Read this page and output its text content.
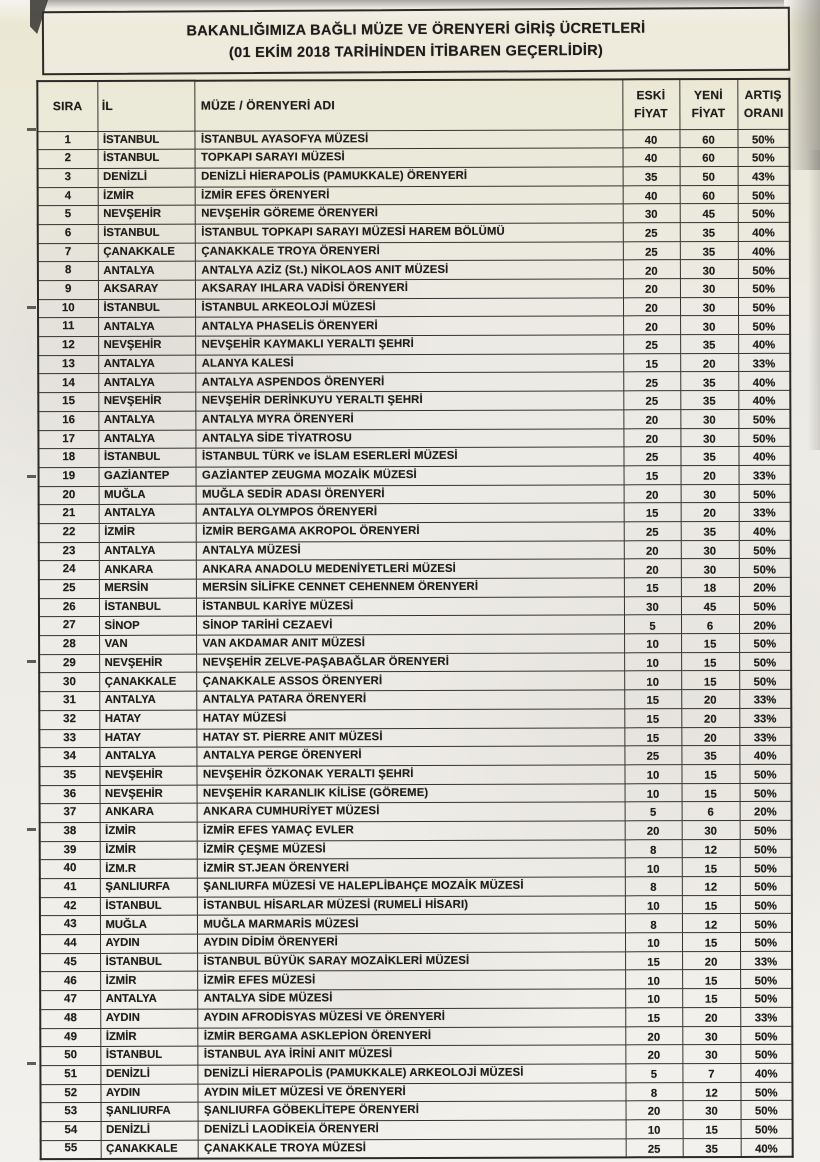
BAKANLIĞIMIZA BAĞLI MÜZE VE ÖRENYERİ GİRİŞ ÜCRETLERİ
(01 EKİM 2018 TARİHİNDEN İTİBAREN GEÇERLİDİR)
SIRA	İL	MÜZE / ÖRENYERİ ADI	ESKİ FİYAT	YENİ FİYAT	ARTIŞ ORANI
1	İSTANBUL	İSTANBUL AYASOFYA MÜZESİ	40	60	50%
2	İSTANBUL	TOPKAPI SARAYI MÜZESİ	40	60	50%
3	DENİZLİ	DENİZLİ HİERAPOLİS (PAMUKKALE) ÖRENYERİ	35	50	43%
4	İZMİR	İZMİR EFES ÖRENYERİ	40	60	50%
5	NEVŞEHİR	NEVŞEHİR GÖREME ÖRENYERİ	30	45	50%
6	İSTANBUL	İSTANBUL TOPKAPI SARAYI MÜZESİ HAREM BÖLÜMÜ	25	35	40%
7	ÇANAKKALE	ÇANAKKALE TROYA ÖRENYERİ	25	35	40%
8	ANTALYA	ANTALYA AZİZ (St.) NİKOLAOS ANIT MÜZESİ	20	30	50%
9	AKSARAY	AKSARAY IHLARA VADİSİ ÖRENYERİ	20	30	50%
10	İSTANBUL	İSTANBUL ARKEOLOJİ MÜZESİ	20	30	50%
11	ANTALYA	ANTALYA PHASELİS ÖRENYERİ	20	30	50%
12	NEVŞEHİR	NEVŞEHİR KAYMAKLI YERALTI ŞEHRİ	25	35	40%
13	ANTALYA	ALANYA KALESİ	15	20	33%
14	ANTALYA	ANTALYA ASPENDOS ÖRENYERİ	25	35	40%
15	NEVŞEHİR	NEVŞEHİR DERİNKUYU YERALTI ŞEHRİ	25	35	40%
16	ANTALYA	ANTALYA MYRA ÖRENYERİ	20	30	50%
17	ANTALYA	ANTALYA SİDE TİYATROSU	20	30	50%
18	İSTANBUL	İSTANBUL TÜRK ve İSLAM ESERLERİ MÜZESİ	25	35	40%
19	GAZİANTEP	GAZİANTEP ZEUGMA MOZAİK MÜZESİ	15	20	33%
20	MUĞLA	MUĞLA SEDİR ADASI ÖRENYERİ	20	30	50%
21	ANTALYA	ANTALYA OLYMPOS ÖRENYERİ	15	20	33%
22	İZMİR	İZMİR BERGAMA AKROPOL ÖRENYERİ	25	35	40%
23	ANTALYA	ANTALYA MÜZESİ	20	30	50%
24	ANKARA	ANKARA ANADOLU MEDENİYETLERİ MÜZESİ	20	30	50%
25	MERSİN	MERSİN SİLİFKE CENNET CEHENNEM ÖRENYERİ	15	18	20%
26	İSTANBUL	İSTANBUL KARİYE MÜZESİ	30	45	50%
27	SİNOP	SİNOP TARİHİ CEZAEVİ	5	6	20%
28	VAN	VAN AKDAMAR ANIT MÜZESİ	10	15	50%
29	NEVŞEHİR	NEVŞEHİR ZELVE-PAŞABAĞLAR ÖRENYERİ	10	15	50%
30	ÇANAKKALE	ÇANAKKALE ASSOS ÖRENYERİ	10	15	50%
31	ANTALYA	ANTALYA PATARA ÖRENYERİ	15	20	33%
32	HATAY	HATAY MÜZESİ	15	20	33%
33	HATAY	HATAY ST. PİERRE ANIT MÜZESİ	15	20	33%
34	ANTALYA	ANTALYA PERGE ÖRENYERİ	25	35	40%
35	NEVŞEHİR	NEVŞEHİR ÖZKONAK YERALTI ŞEHRİ	10	15	50%
36	NEVŞEHİR	NEVŞEHİR KARANLIK KİLİSE (GÖREME)	10	15	50%
37	ANKARA	ANKARA CUMHURİYET MÜZESİ	5	6	20%
38	İZMİR	İZMİR EFES YAMAÇ EVLER	20	30	50%
39	İZMİR	İZMİR ÇEŞME MÜZESİ	8	12	50%
40	İZM.R	İZMİR ST.JEAN ÖRENYERİ	10	15	50%
41	ŞANLIURFA	ŞANLIURFA MÜZESİ VE HALEPLİBAHÇE MOZAİK MÜZESİ	8	12	50%
42	İSTANBUL	İSTANBUL HİSARLAR MÜZESİ (RUMELİ HİSARI)	10	15	50%
43	MUĞLA	MUĞLA MARMARİS MÜZESİ	8	12	50%
44	AYDIN	AYDIN DİDİM ÖRENYERİ	10	15	50%
45	İSTANBUL	İSTANBUL BÜYÜK SARAY MOZAİKLERİ MÜZESİ	15	20	33%
46	İZMİR	İZMİR EFES MÜZESİ	10	15	50%
47	ANTALYA	ANTALYA SİDE MÜZESİ	10	15	50%
48	AYDIN	AYDIN AFRODİSYAS MÜZESİ VE ÖRENYERİ	15	20	33%
49	İZMİR	İZMİR BERGAMA ASKLEPİON ÖRENYERİ	20	30	50%
50	İSTANBUL	İSTANBUL AYA İRİNİ ANIT MÜZESİ	20	30	50%
51	DENİZLİ	DENİZLİ HİERAPOLİS (PAMUKKALE) ARKEOLOJİ MÜZESİ	5	7	40%
52	AYDIN	AYDIN MİLET MÜZESİ VE ÖRENYERİ	8	12	50%
53	ŞANLIURFA	ŞANLIURFA GÖBEKLİTEPE ÖRENYERİ	20	30	50%
54	DENİZLİ	DENİZLİ LAODİKEİA ÖRENYERİ	10	15	50%
55	ÇANAKKALE	ÇANAKKALE TROYA MÜZESİ	25	35	40%
